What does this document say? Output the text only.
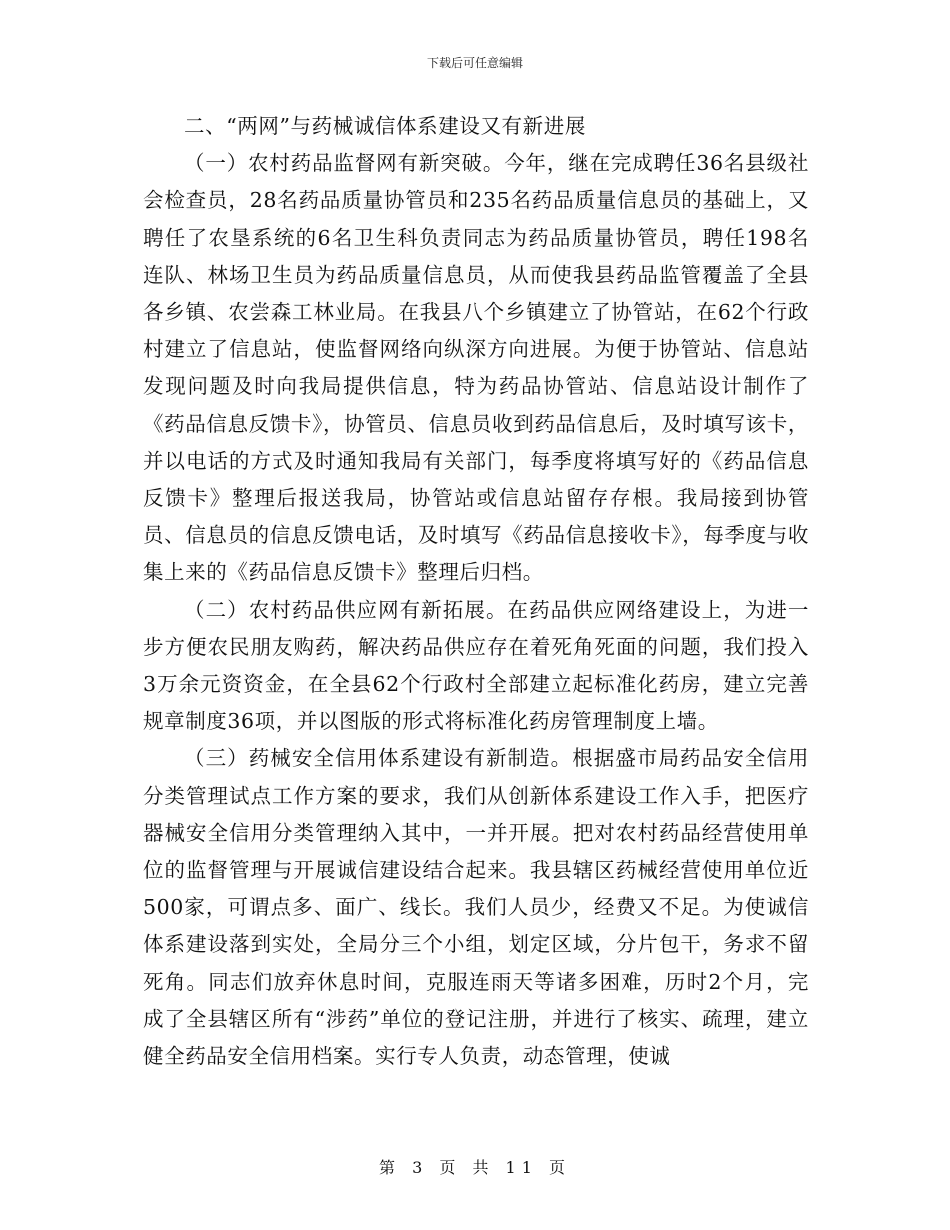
下载后可任意编辑

二、“两网”与药械诚信体系建设又有新进展

（一）农村药品监督网有新突破。今年，继在完成聘任36名县级社会检查员，28名药品质量协管员和235名药品质量信息员的基础上，又聘任了农垦系统的6名卫生科负责同志为药品质量协管员，聘任198名连队、林场卫生员为药品质量信息员，从而使我县药品监管覆盖了全县各乡镇、农尝森工林业局。在我县八个乡镇建立了协管站，在62个行政村建立了信息站，使监督网络向纵深方向进展。为便于协管站、信息站发现问题及时向我局提供信息，特为药品协管站、信息站设计制作了《药品信息反馈卡》，协管员、信息员收到药品信息后，及时填写该卡，并以电话的方式及时通知我局有关部门，每季度将填写好的《药品信息反馈卡》整理后报送我局，协管站或信息站留存存根。我局接到协管员、信息员的信息反馈电话，及时填写《药品信息接收卡》，每季度与收集上来的《药品信息反馈卡》整理后归档。

（二）农村药品供应网有新拓展。在药品供应网络建设上，为进一步方便农民朋友购药，解决药品供应存在着死角死面的问题，我们投入3万余元资资金，在全县62个行政村全部建立起标准化药房，建立完善规章制度36项，并以图版的形式将标准化药房管理制度上墙。

（三）药械安全信用体系建设有新制造。根据盛市局药品安全信用分类管理试点工作方案的要求，我们从创新体系建设工作入手，把医疗器械安全信用分类管理纳入其中，一并开展。把对农村药品经营使用单位的监督管理与开展诚信建设结合起来。我县辖区药械经营使用单位近500家，可谓点多、面广、线长。我们人员少，经费又不足。为使诚信体系建设落到实处，全局分三个小组，划定区域，分片包干，务求不留死角。同志们放弃休息时间，克服连雨天等诸多困难，历时2个月，完成了全县辖区所有“涉药”单位的登记注册，并进行了核实、疏理，建立健全药品安全信用档案。实行专人负责，动态管理，使诚

第 3 页 共 11 页
